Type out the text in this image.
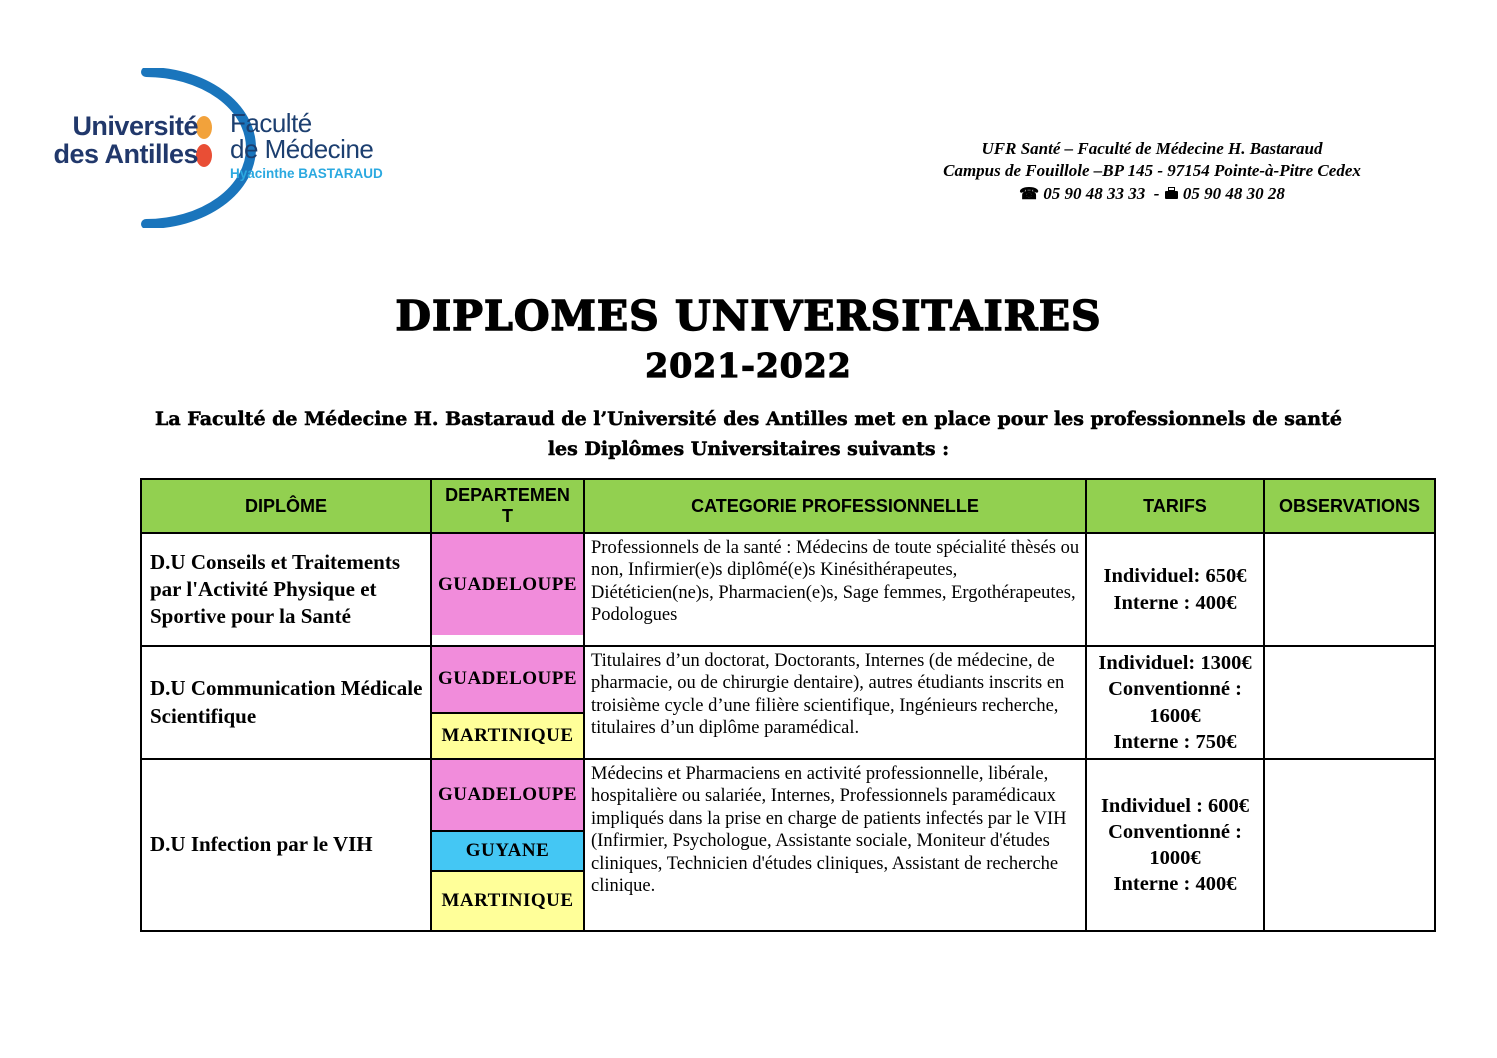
Université
des Antilles
Faculté
de Médecine
Hyacinthe BASTARAUD
UFR Santé – Faculté de Médecine H. Bastaraud
Campus de Fouillole –BP 145 - 97154 Pointe-à-Pitre Cedex
☎ 05 90 48 33 33 - 05 90 48 30 28
DIPLOMES UNIVERSITAIRES
2021-2022
La Faculté de Médecine H. Bastaraud de l’Université des Antilles met en place pour les professionnels de santé
les Diplômes Universitaires suivants :
DIPLÔME
DEPARTEMENT
CATEGORIE PROFESSIONNELLE	TARIFS	OBSERVATIONS
D.U Conseils et Traitements par l'Activité Physique et Sportive pour la Santé
GUADELOUPE
Professionnels de la santé : Médecins de toute spécialité thèsés ou non, Infirmier(e)s diplômé(e)s Kinésithérapeutes, Diététicien(ne)s, Pharmacien(e)s, Sage femmes, Ergothérapeutes, Podologues
Individuel: 650€
Interne : 400€
D.U Communication Médicale Scientifique
GUADELOUPE
MARTINIQUE
Titulaires d’un doctorat, Doctorants, Internes (de médecine, de pharmacie, ou de chirurgie dentaire), autres étudiants inscrits en troisième cycle d’une filière scientifique, Ingénieurs recherche, titulaires d’un diplôme paramédical.
Individuel: 1300€
Conventionné :
1600€
Interne : 750€
D.U Infection par le VIH
GUADELOUPE
GUYANE
MARTINIQUE
Médecins et Pharmaciens en activité professionnelle, libérale, hospitalière ou salariée, Internes, Professionnels paramédicaux impliqués dans la prise en charge de patients infectés par le VIH (Infirmier, Psychologue, Assistante sociale, Moniteur d'études cliniques, Technicien d'études cliniques, Assistant de recherche clinique.
Individuel : 600€
Conventionné :
1000€
Interne : 400€
